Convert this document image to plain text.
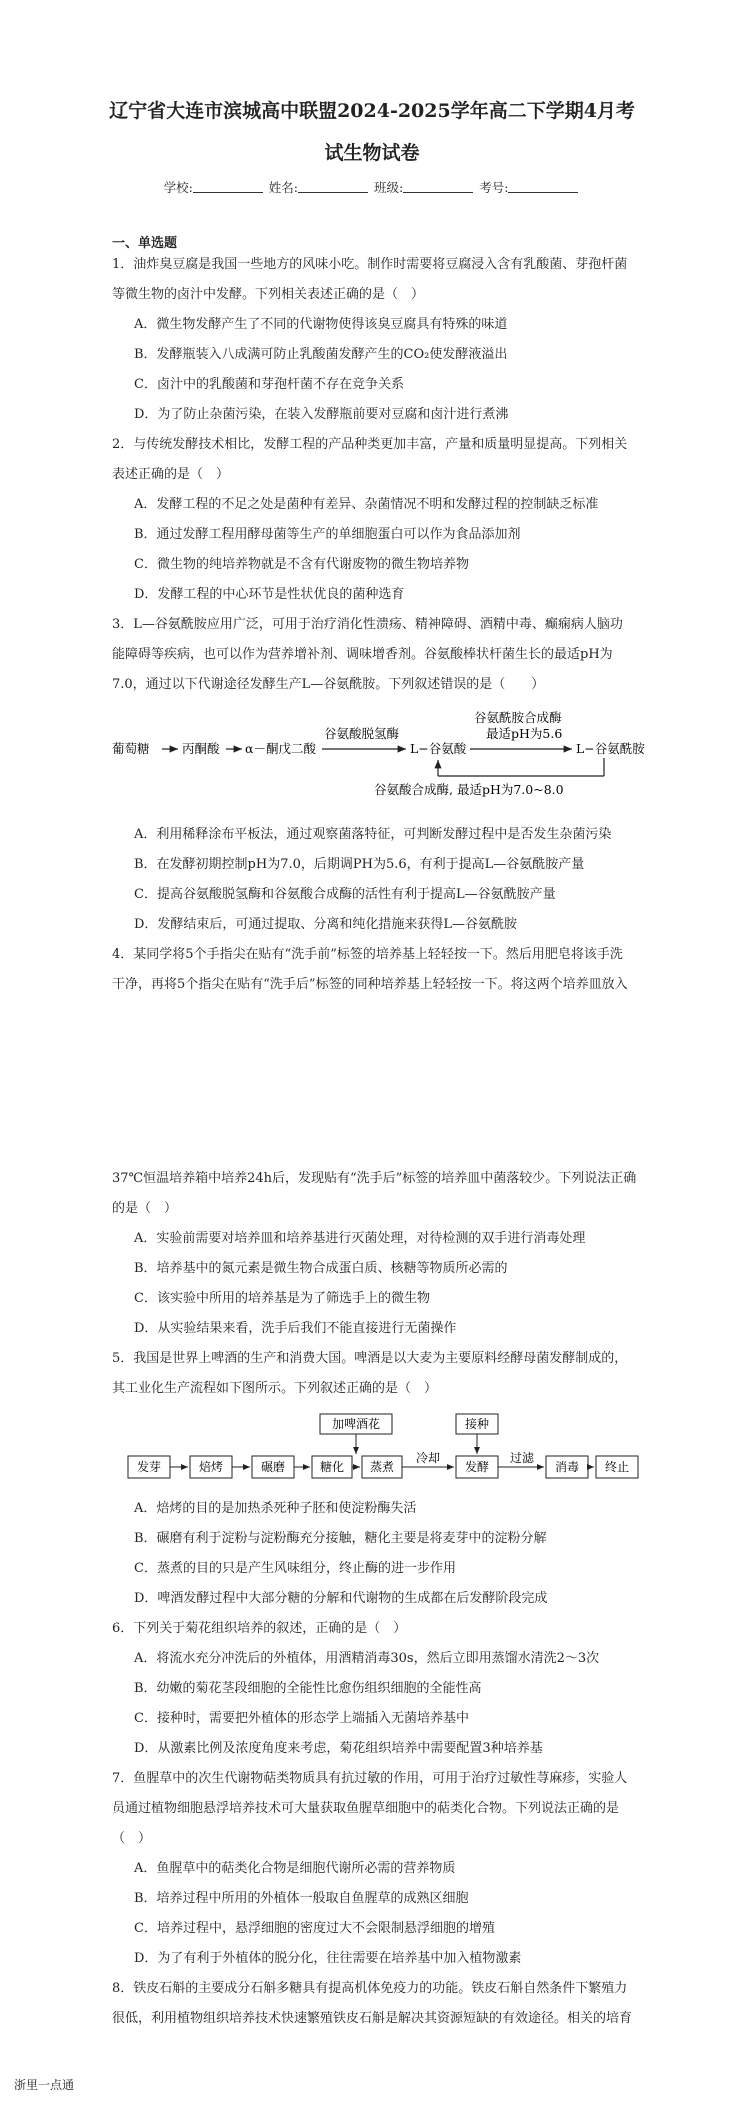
辽宁省大连市滨城高中联盟2024-2025学年高二下学期4月考
试生物试卷
学校:	姓名:	班级:	考号:
一、单选题
1．油炸臭豆腐是我国一些地方的风味小吃。制作时需要将豆腐浸入含有乳酸菌、芽孢杆菌
等微生物的卤汁中发酵。下列相关表述正确的是（　）
A．微生物发酵产生了不同的代谢物使得该臭豆腐具有特殊的味道
B．发酵瓶装入八成满可防止乳酸菌发酵产生的CO₂使发酵液溢出
C．卤汁中的乳酸菌和芽孢杆菌不存在竞争关系
D．为了防止杂菌污染，在装入发酵瓶前要对豆腐和卤汁进行煮沸
2．与传统发酵技术相比，发酵工程的产品种类更加丰富，产量和质量明显提高。下列相关
表述正确的是（　）
A．发酵工程的不足之处是菌种有差异、杂菌情况不明和发酵过程的控制缺乏标准
B．通过发酵工程用酵母菌等生产的单细胞蛋白可以作为食品添加剂
C．微生物的纯培养物就是不含有代谢废物的微生物培养物
D．发酵工程的中心环节是性状优良的菌种选育
3．L—谷氨酰胺应用广泛，可用于治疗消化性溃疡、精神障碍、酒精中毒、癫痫病人脑功
能障碍等疾病，也可以作为营养增补剂、调味增香剂。谷氨酸棒状杆菌生长的最适pH为
7.0，通过以下代谢途径发酵生产L—谷氨酰胺。下列叙述错误的是（　　）
葡萄糖	丙酮酸 α－酮戊二酸
谷氨酸脱氢酶
L−谷氨酸
谷氨酰胺合成酶
最适pH为5.6
L−谷氨酰胺
谷氨酸合成酶, 最适pH为7.0~8.0
A．利用稀释涂布平板法，通过观察菌落特征，可判断发酵过程中是否发生杂菌污染
B．在发酵初期控制pH为7.0，后期调PH为5.6，有利于提高L—谷氨酰胺产量
C．提高谷氨酸脱氢酶和谷氨酸合成酶的活性有利于提高L—谷氨酰胺产量
D．发酵结束后，可通过提取、分离和纯化措施来获得L—谷氨酰胺
4．某同学将5个手指尖在贴有“洗手前”标签的培养基上轻轻按一下。然后用肥皂将该手洗
干净，再将5个指尖在贴有“洗手后”标签的同种培养基上轻轻按一下。将这两个培养皿放入
37℃恒温培养箱中培养24h后，发现贴有“洗手后”标签的培养皿中菌落较少。下列说法正确
的是（　）
A．实验前需要对培养皿和培养基进行灭菌处理，对待检测的双手进行消毒处理
B．培养基中的氮元素是微生物合成蛋白质、核糖等物质所必需的
C．该实验中所用的培养基是为了筛选手上的微生物
D．从实验结果来看，洗手后我们不能直接进行无菌操作
5．我国是世界上啤酒的生产和消费大国。啤酒是以大麦为主要原料经酵母菌发酵制成的，
其工业化生产流程如下图所示。下列叙述正确的是（　）
加啤酒花	接种
发芽	焙烤	碾磨	糖化 蒸煮
冷却
发酵
过滤
消毒 终止
A．焙烤的目的是加热杀死种子胚和使淀粉酶失活
B．碾磨有利于淀粉与淀粉酶充分接触，糖化主要是将麦芽中的淀粉分解
C．蒸煮的目的只是产生风味组分，终止酶的进一步作用
D．啤酒发酵过程中大部分糖的分解和代谢物的生成都在后发酵阶段完成
6．下列关于菊花组织培养的叙述，正确的是（　）
A．将流水充分冲洗后的外植体，用酒精消毒30s，然后立即用蒸馏水清洗2～3次
B．幼嫩的菊花茎段细胞的全能性比愈伤组织细胞的全能性高
C．接种时，需要把外植体的形态学上端插入无菌培养基中
D．从激素比例及浓度角度来考虑，菊花组织培养中需要配置3种培养基
7．鱼腥草中的次生代谢物萜类物质具有抗过敏的作用，可用于治疗过敏性荨麻疹，实验人
员通过植物细胞悬浮培养技术可大量获取鱼腥草细胞中的萜类化合物。下列说法正确的是
（　）
A．鱼腥草中的萜类化合物是细胞代谢所必需的营养物质
B．培养过程中所用的外植体一般取自鱼腥草的成熟区细胞
C．培养过程中，悬浮细胞的密度过大不会限制悬浮细胞的增殖
D．为了有利于外植体的脱分化，往往需要在培养基中加入植物激素
8．铁皮石斛的主要成分石斛多糖具有提高机体免疫力的功能。铁皮石斛自然条件下繁殖力
很低，利用植物组织培养技术快速繁殖铁皮石斛是解决其资源短缺的有效途径。相关的培育
浙里一点通
